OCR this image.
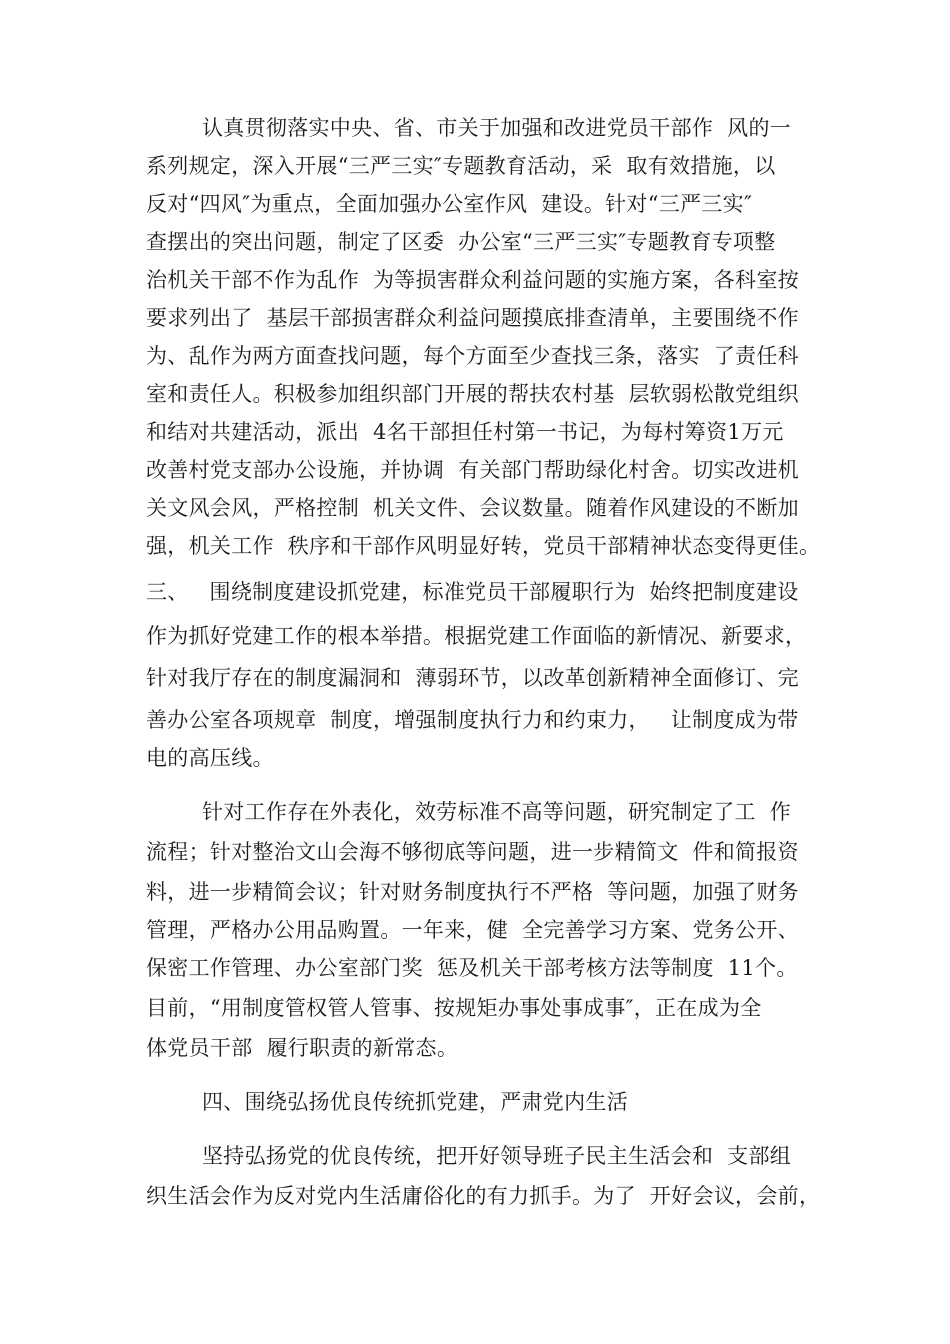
认真贯彻落实中央、省、市关于加强和改进党员干部作  风的一
系列规定，深入开展“三严三实″专题教育活动，采  取有效措施，以
反对“四风″为重点，全面加强办公室作风  建设。针对“三严三实″
查摆出的突出问题，制定了区委  办公室“三严三实″专题教育专项整
治机关干部不作为乱作  为等损害群众利益问题的实施方案，各科室按
要求列出了  基层干部损害群众利益问题摸底排查清单，主要围绕不作
为、乱作为两方面查找问题，每个方面至少查找三条，落实  了责任科
室和责任人。积极参加组织部门开展的帮扶农村基  层软弱松散党组织
和结对共建活动，派出  4名干部担任村第一书记，为每村筹资1万元
改善村党支部办公设施，并协调  有关部门帮助绿化村舍。切实改进机
关文风会风，严格控制  机关文件、会议数量。随着作风建设的不断加
强，机关工作  秩序和干部作风明显好转，党员干部精神状态变得更佳。
三、   围绕制度建设抓党建，标准党员干部履职行为  始终把制度建设
作为抓好党建工作的根本举措。根据党建工作面临的新情况、新要求，
针对我厅存在的制度漏洞和  薄弱环节，以改革创新精神全面修订、完
善办公室各项规章  制度，增强制度执行力和约束力，   让制度成为带
电的高压线。
针对工作存在外表化，效劳标准不高等问题，研究制定了工  作
流程；针对整治文山会海不够彻底等问题，进一步精简文  件和简报资
料，进一步精简会议；针对财务制度执行不严格  等问题，加强了财务
管理，严格办公用品购置。一年来，健  全完善学习方案、党务公开、
保密工作管理、办公室部门奖  惩及机关干部考核方法等制度  11个。
目前，“用制度管权管人管事、按规矩办事处事成事″，正在成为全
体党员干部  履行职责的新常态。
四、围绕弘扬优良传统抓党建，严肃党内生活
坚持弘扬党的优良传统，把开好领导班子民主生活会和  支部组
织生活会作为反对党内生活庸俗化的有力抓手。为了  开好会议，会前，
